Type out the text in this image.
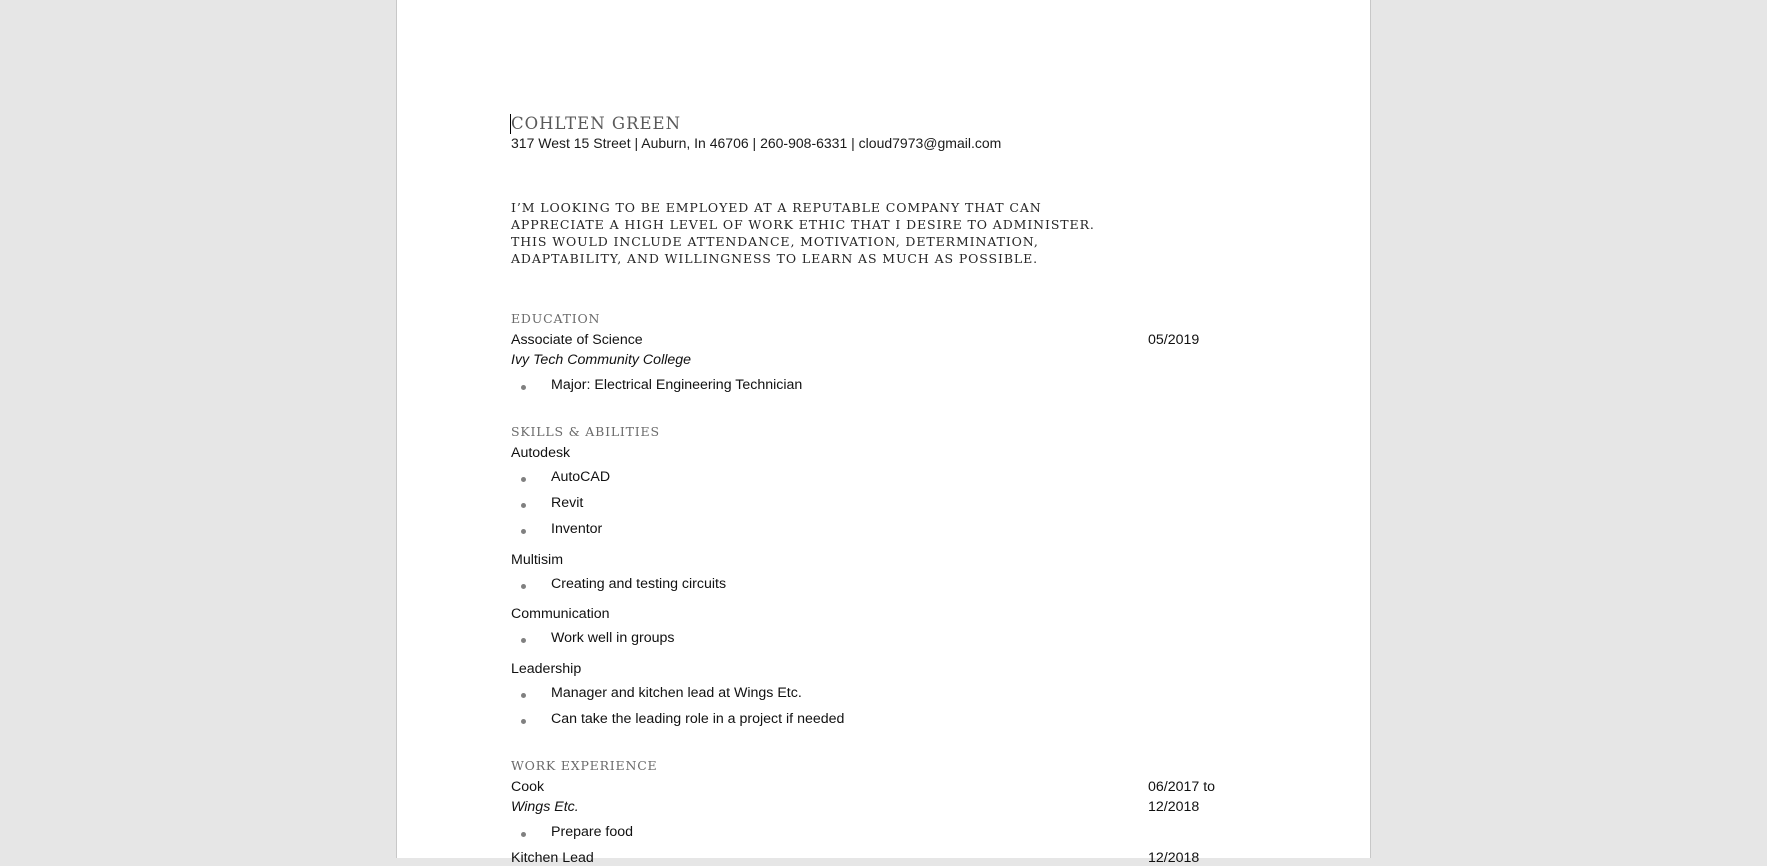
COHLTEN GREEN
317 West 15 Street | Auburn, In 46706 | 260-908-6331 | cloud7973@gmail.com
I’M LOOKING TO BE EMPLOYED AT A REPUTABLE COMPANY THAT CAN APPRECIATE A HIGH LEVEL OF WORK ETHIC THAT I DESIRE TO ADMINISTER. THIS WOULD INCLUDE ATTENDANCE, MOTIVATION, DETERMINATION, ADAPTABILITY, AND WILLINGNESS TO LEARN AS MUCH AS POSSIBLE.
EDUCATION
Associate of Science	05/2019
Ivy Tech Community College
Major: Electrical Engineering Technician
SKILLS & ABILITIES
Autodesk
AutoCAD
Revit
Inventor
Multisim
Creating and testing circuits
Communication
Work well in groups
Leadership
Manager and kitchen lead at Wings Etc.
Can take the leading role in a project if needed
WORK EXPERIENCE
Cook	06/2017 to
Wings Etc.	12/2018
Prepare food
Kitchen Lead	12/2018
